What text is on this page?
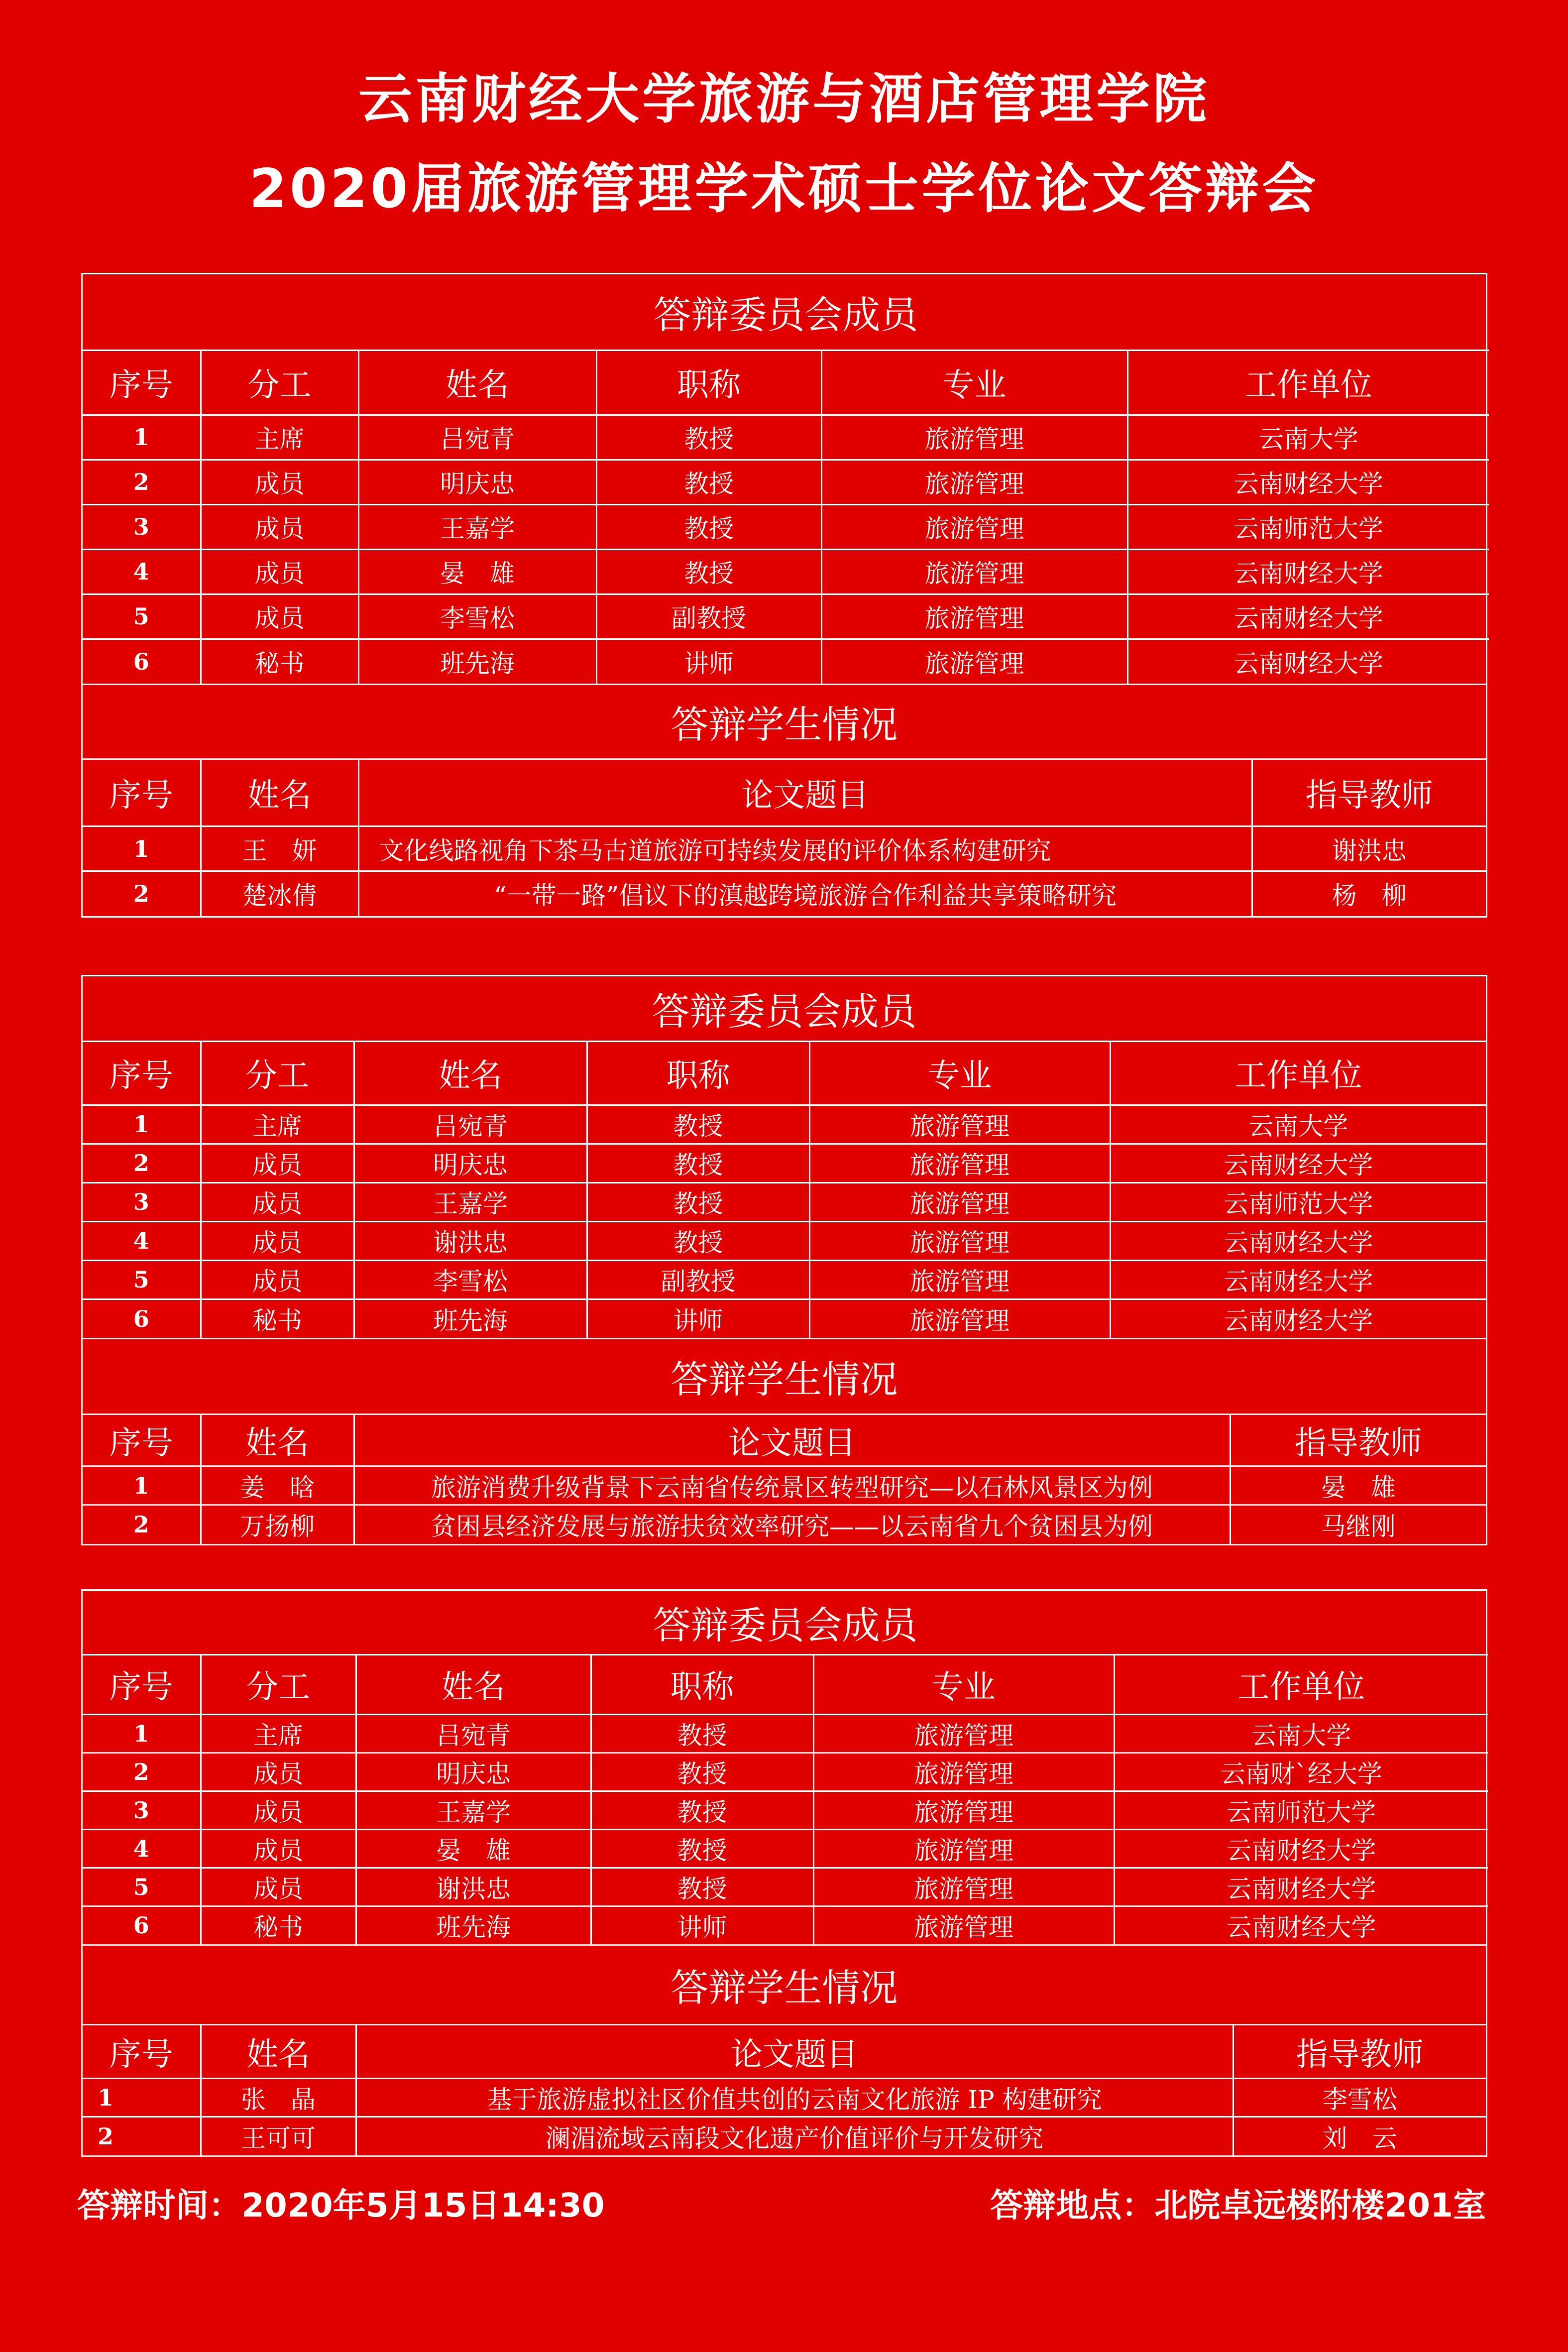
云南财经大学旅游与酒店管理学院
2020届旅游管理学术硕士学位论文答辩会
答辩委员会成员					
序号	分工	姓名	职称	专业	工作单位
1	主席	吕宛青	教授	旅游管理	云南大学
2	成员	明庆忠	教授	旅游管理	云南财经大学
3	成员	王嘉学	教授	旅游管理	云南师范大学
4	成员	晏　雄	教授	旅游管理	云南财经大学
5	成员	李雪松	副教授	旅游管理	云南财经大学
6	秘书	班先海	讲师	旅游管理	云南财经大学
答辩学生情况			
序号	姓名	论文题目	指导教师
1	王　妍	文化线路视角下茶马古道旅游可持续发展的评价体系构建研究	谢洪忠
2	楚冰倩	“一带一路”倡议下的滇越跨境旅游合作利益共享策略研究	杨　柳
答辩委员会成员					
序号	分工	姓名	职称	专业	工作单位
1	主席	吕宛青	教授	旅游管理	云南大学
2	成员	明庆忠	教授	旅游管理	云南财经大学
3	成员	王嘉学	教授	旅游管理	云南师范大学
4	成员	谢洪忠	教授	旅游管理	云南财经大学
5	成员	李雪松	副教授	旅游管理	云南财经大学
6	秘书	班先海	讲师	旅游管理	云南财经大学
答辩学生情况			
序号	姓名	论文题目	指导教师
1	姜　晗	旅游消费升级背景下云南省传统景区转型研究—以石林风景区为例	晏　雄
2	万扬柳	贫困县经济发展与旅游扶贫效率研究——以云南省九个贫困县为例	马继刚
答辩委员会成员					
序号	分工	姓名	职称	专业	工作单位
1	主席	吕宛青	教授	旅游管理	云南大学
2	成员	明庆忠	教授	旅游管理	云南财`经大学
3	成员	王嘉学	教授	旅游管理	云南师范大学
4	成员	晏　雄	教授	旅游管理	云南财经大学
5	成员	谢洪忠	教授	旅游管理	云南财经大学
6	秘书	班先海	讲师	旅游管理	云南财经大学
答辩学生情况			
序号	姓名	论文题目	指导教师
1	张　晶	基于旅游虚拟社区价值共创的云南文化旅游 IP 构建研究	李雪松
2	王可可	澜湄流域云南段文化遗产价值评价与开发研究	刘　云
答辩时间：2020年5月15日14:30	答辩地点：北院卓远楼附楼201室
